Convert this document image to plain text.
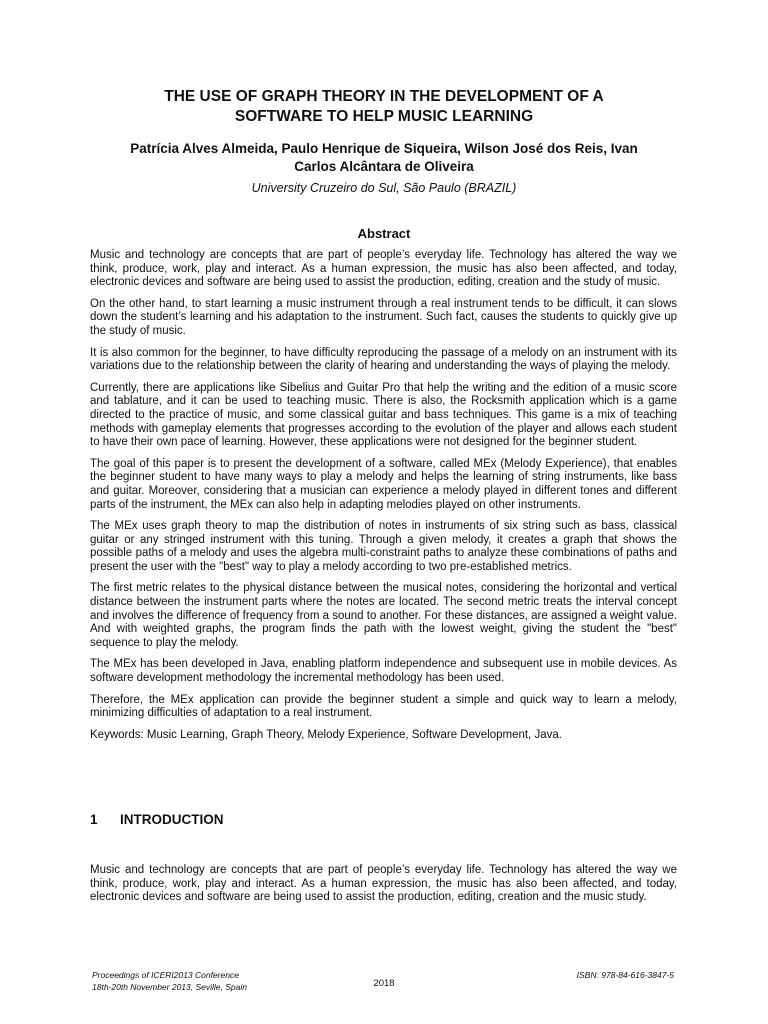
THE USE OF GRAPH THEORY IN THE DEVELOPMENT OF A
SOFTWARE TO HELP MUSIC LEARNING
Patrícia Alves Almeida, Paulo Henrique de Siqueira, Wilson José dos Reis, Ivan
Carlos Alcântara de Oliveira
University Cruzeiro do Sul, São Paulo (BRAZIL)
Abstract

Music and technology are concepts that are part of people’s everyday life. Technology has altered the way we think, produce, work, play and interact. As a human expression, the music has also been affected, and today, electronic devices and software are being used to assist the production, editing, creation and the study of music.

On the other hand, to start learning a music instrument through a real instrument tends to be difficult, it can slows down the student’s learning and his adaptation to the instrument. Such fact, causes the students to quickly give up the study of music.

It is also common for the beginner, to have difficulty reproducing the passage of a melody on an instrument with its variations due to the relationship between the clarity of hearing and understanding the ways of playing the melody.

Currently, there are applications like Sibelius and Guitar Pro that help the writing and the edition of a music score and tablature, and it can be used to teaching music. There is also, the Rocksmith application which is a game directed to the practice of music, and some classical guitar and bass techniques. This game is a mix of teaching methods with gameplay elements that progresses according to the evolution of the player and allows each student to have their own pace of learning. However, these applications were not designed for the beginner student.

The goal of this paper is to present the development of a software, called MEx (Melody Experience), that enables the beginner student to have many ways to play a melody and helps the learning of string instruments, like bass and guitar. Moreover, considering that a musician can experience a melody played in different tones and different parts of the instrument, the MEx can also help in adapting melodies played on other instruments.

The MEx uses graph theory to map the distribution of notes in instruments of six string such as bass, classical guitar or any stringed instrument with this tuning. Through a given melody, it creates a graph that shows the possible paths of a melody and uses the algebra multi-constraint paths to analyze these combinations of paths and present the user with the "best" way to play a melody according to two pre-established metrics.

The first metric relates to the physical distance between the musical notes, considering the horizontal and vertical distance between the instrument parts where the notes are located. The second metric treats the interval concept and involves the difference of frequency from a sound to another. For these distances, are assigned a weight value. And with weighted graphs, the program finds the path with the lowest weight, giving the student the "best" sequence to play the melody.

The MEx has been developed in Java, enabling platform independence and subsequent use in mobile devices. As software development methodology the incremental methodology has been used.

Therefore, the MEx application can provide the beginner student a simple and quick way to learn a melody, minimizing difficulties of adaptation to a real instrument.

Keywords: Music Learning, Graph Theory, Melody Experience, Software Development, Java.

1 INTRODUCTION

Music and technology are concepts that are part of people’s everyday life. Technology has altered the way we think, produce, work, play and interact. As a human expression, the music has also been affected, and today, electronic devices and software are being used to assist the production, editing, creation and the music study.

Proceedings of ICERI2013 Conference
18th-20th November 2013, Seville, Spain	2018
ISBN: 978-84-616-3847-5
